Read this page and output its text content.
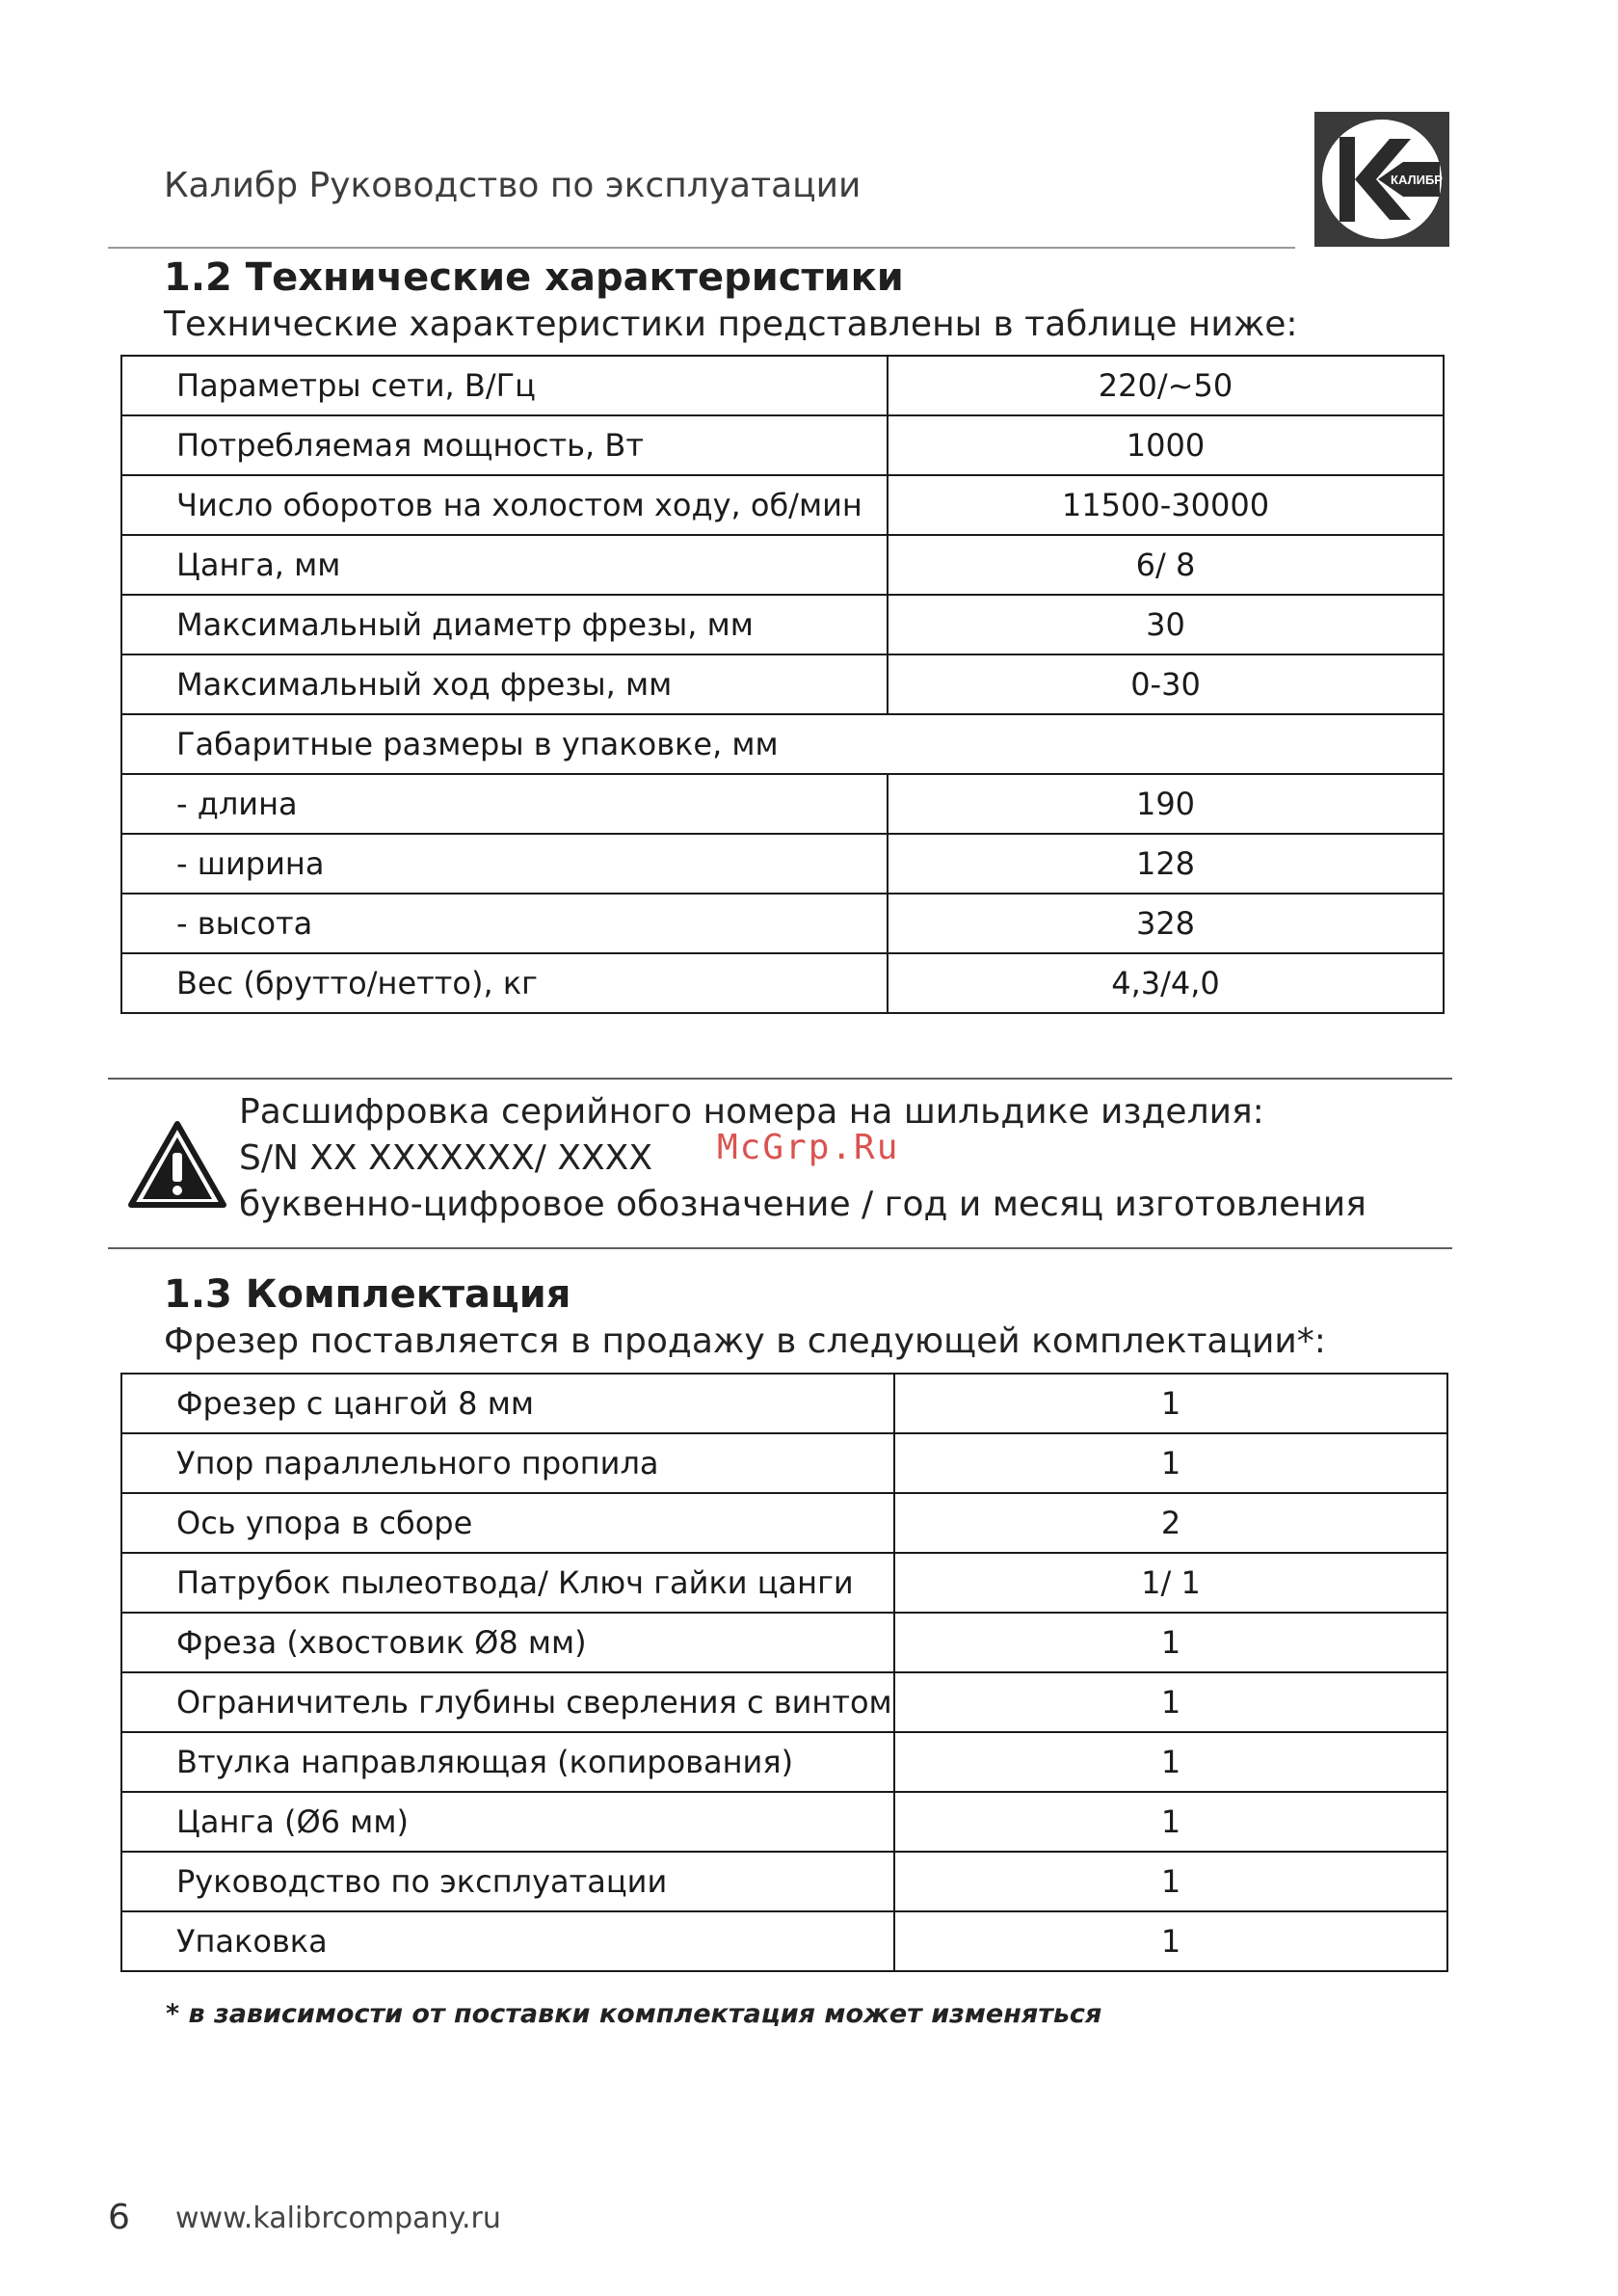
Калибр Руководство по эксплуатации	КАЛИБР
1.2 Технические характеристики
Технические характеристики представлены в таблице ниже:
Параметры сети, В/Гц	220/~50
Потребляемая мощность, Вт	1000
Число оборотов на холостом ходу, об/мин	11500-30000
Цанга, мм	6/ 8
Максимальный диаметр фрезы, мм	30
Максимальный ход фрезы, мм	0-30
Габаритные размеры в упаковке, мм	
- длина	190
- ширина	128
- высота	328
Вес (брутто/нетто), кг	4,3/4,0
Расшифровка серийного номера на шильдике изделия:
S/N XX XXXXXXX/ XXXX McGrp.Ru
буквенно-цифровое обозначение / год и месяц изготовления
1.3 Комплектация
Фрезер поставляется в продажу в следующей комплектации*:
Фрезер с цангой 8 мм	1
Упор параллельного пропила	1
Ось упора в сборе	2
Патрубок пылеотвода/ Ключ гайки цанги	1/ 1
Фреза (хвостовик Ø8 мм)	1
Ограничитель глубины сверления с винтом	1
Втулка направляющая (копирования)	1
Цанга (Ø6 мм)	1
Руководство по эксплуатации	1
Упаковка	1
* в зависимости от поставки комплектация может изменяться
6 www.kalibrcompany.ru
